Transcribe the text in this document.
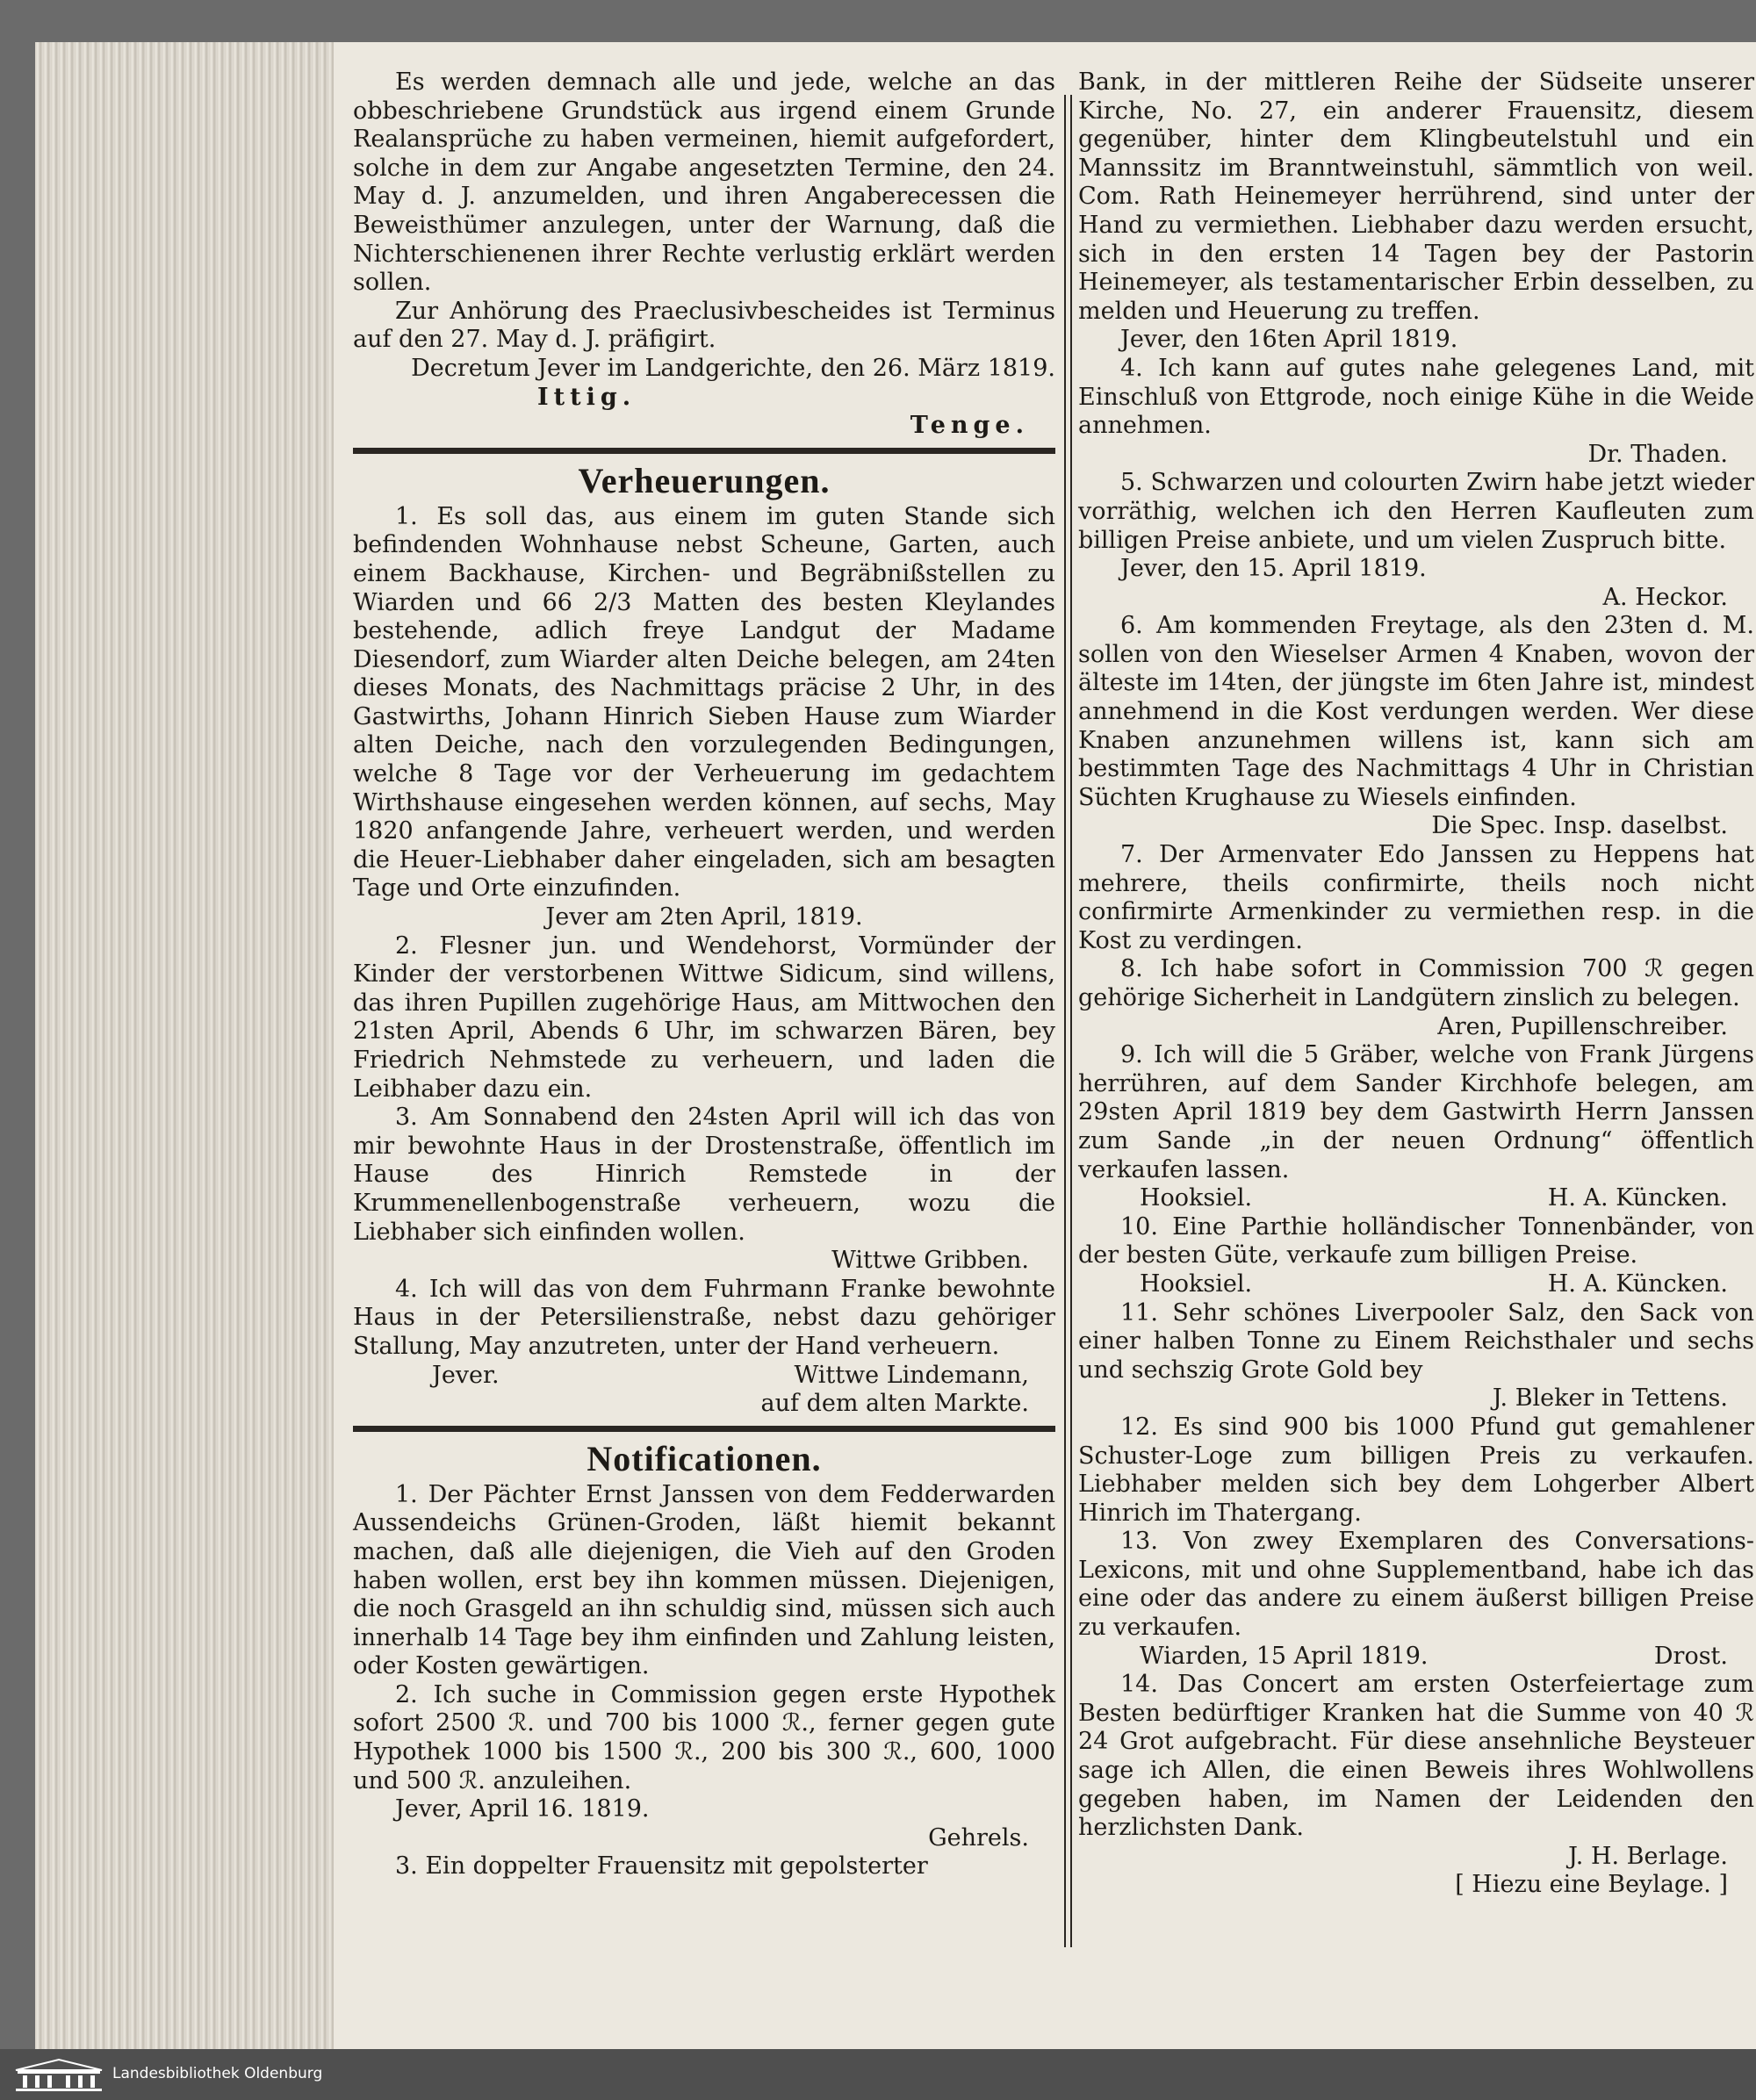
Es werden demnach alle und jede, welche an das obbeschriebene Grundstück aus irgend einem Grunde Realansprüche zu haben vermeinen, hiemit aufgefordert, solche in dem zur Angabe angesetzten Termine, den 24. May d. J. anzumelden, und ihren Angaberecessen die Beweisthümer anzulegen, unter der Warnung, daß die Nichterschienenen ihrer Rechte verlustig erklärt werden sollen.

Zur Anhörung des Praeclusivbescheides ist Terminus auf den 27. May d. J. präfigirt.

Decretum Jever im Landgerichte, den 26. März 1819.

Ittig.

Tenge.

Verheuerungen.

1. Es soll das, aus einem im guten Stande sich befindenden Wohnhause nebst Scheune, Garten, auch einem Backhause, Kirchen- und Begräbnißstellen zu Wiarden und 66 2/3 Matten des besten Kleylandes bestehende, adlich freye Landgut der Madame Diesendorf, zum Wiarder alten Deiche belegen, am 24ten dieses Monats, des Nachmittags präcise 2 Uhr, in des Gastwirths, Johann Hinrich Sieben Hause zum Wiarder alten Deiche, nach den vorzulegenden Bedingungen, welche 8 Tage vor der Verheuerung im gedachtem Wirthshause eingesehen werden können, auf sechs, May 1820 anfangende Jahre, verheuert werden, und werden die Heuer-Liebhaber daher eingeladen, sich am besagten Tage und Orte einzufinden.

Jever am 2ten April, 1819.

2. Flesner jun. und Wendehorst, Vormünder der Kinder der verstorbenen Wittwe Sidicum, sind willens, das ihren Pupillen zugehörige Haus, am Mittwochen den 21sten April, Abends 6 Uhr, im schwarzen Bären, bey Friedrich Nehmstede zu verheuern, und laden die Leibhaber dazu ein.

3. Am Sonnabend den 24sten April will ich das von mir bewohnte Haus in der Drostenstraße, öffentlich im Hause des Hinrich Remstede in der Krummenellenbogenstraße verheuern, wozu die Liebhaber sich einfinden wollen.

Wittwe Gribben.

4. Ich will das von dem Fuhrmann Franke bewohnte Haus in der Petersilienstraße, nebst dazu gehöriger Stallung, May anzutreten, unter der Hand verheuern.

Jever.	Wittwe Lindemann,

auf dem alten Markte.

Notificationen.

1. Der Pächter Ernst Janssen von dem Fedderwarden Aussendeichs Grünen-Groden, läßt hiemit bekannt machen, daß alle diejenigen, die Vieh auf den Groden haben wollen, erst bey ihn kommen müssen. Diejenigen, die noch Grasgeld an ihn schuldig sind, müssen sich auch innerhalb 14 Tage bey ihm einfinden und Zahlung leisten, oder Kosten gewärtigen.

2. Ich suche in Commission gegen erste Hypothek sofort 2500 ℛ. und 700 bis 1000 ℛ., ferner gegen gute Hypothek 1000 bis 1500 ℛ., 200 bis 300 ℛ., 600, 1000 und 500 ℛ. anzuleihen.

Jever, April 16. 1819.

Gehrels.

3. Ein doppelter Frauensitz mit gepolsterter

Bank, in der mittleren Reihe der Südseite unserer Kirche, No. 27, ein anderer Frauensitz, diesem gegenüber, hinter dem Klingbeutelstuhl und ein Mannssitz im Branntweinstuhl, sämmtlich von weil. Com. Rath Heinemeyer herrührend, sind unter der Hand zu vermiethen. Liebhaber dazu werden ersucht, sich in den ersten 14 Tagen bey der Pastorin Heinemeyer, als testamentarischer Erbin desselben, zu melden und Heuerung zu treffen.

Jever, den 16ten April 1819.

4. Ich kann auf gutes nahe gelegenes Land, mit Einschluß von Ettgrode, noch einige Kühe in die Weide annehmen.

Dr. Thaden.

5. Schwarzen und colourten Zwirn habe jetzt wieder vorräthig, welchen ich den Herren Kaufleuten zum billigen Preise anbiete, und um vielen Zuspruch bitte.

Jever, den 15. April 1819.

A. Heckor.

6. Am kommenden Freytage, als den 23ten d. M. sollen von den Wieselser Armen 4 Knaben, wovon der älteste im 14ten, der jüngste im 6ten Jahre ist, mindest annehmend in die Kost verdungen werden. Wer diese Knaben anzunehmen willens ist, kann sich am bestimmten Tage des Nachmittags 4 Uhr in Christian Süchten Krughause zu Wiesels einfinden.

Die Spec. Insp. daselbst.

7. Der Armenvater Edo Janssen zu Heppens hat mehrere, theils confirmirte, theils noch nicht confirmirte Armenkinder zu vermiethen resp. in die Kost zu verdingen.

8. Ich habe sofort in Commission 700 ℛ gegen gehörige Sicherheit in Landgütern zinslich zu belegen.

Aren, Pupillenschreiber.

9. Ich will die 5 Gräber, welche von Frank Jürgens herrühren, auf dem Sander Kirchhofe belegen, am 29sten April 1819 bey dem Gastwirth Herrn Janssen zum Sande „in der neuen Ordnung“ öffentlich verkaufen lassen.

Hooksiel.	H. A. Küncken.

10. Eine Parthie holländischer Tonnenbänder, von der besten Güte, verkaufe zum billigen Preise.

Hooksiel.	H. A. Küncken.

11. Sehr schönes Liverpooler Salz, den Sack von einer halben Tonne zu Einem Reichsthaler und sechs und sechszig Grote Gold bey

J. Bleker in Tettens.

12. Es sind 900 bis 1000 Pfund gut gemahlener Schuster-Loge zum billigen Preis zu verkaufen. Liebhaber melden sich bey dem Lohgerber Albert Hinrich im Thatergang.

13. Von zwey Exemplaren des Conversations-Lexicons, mit und ohne Supplementband, habe ich das eine oder das andere zu einem äußerst billigen Preise zu verkaufen.

Wiarden, 15 April 1819.	Drost.

14. Das Concert am ersten Osterfeiertage zum Besten bedürftiger Kranken hat die Summe von 40 ℛ 24 Grot aufgebracht. Für diese ansehnliche Beysteuer sage ich Allen, die einen Beweis ihres Wohlwollens gegeben haben, im Namen der Leidenden den herzlichsten Dank.

J. H. Berlage.

[ Hiezu eine Beylage. ]

Landesbibliothek Oldenburg
